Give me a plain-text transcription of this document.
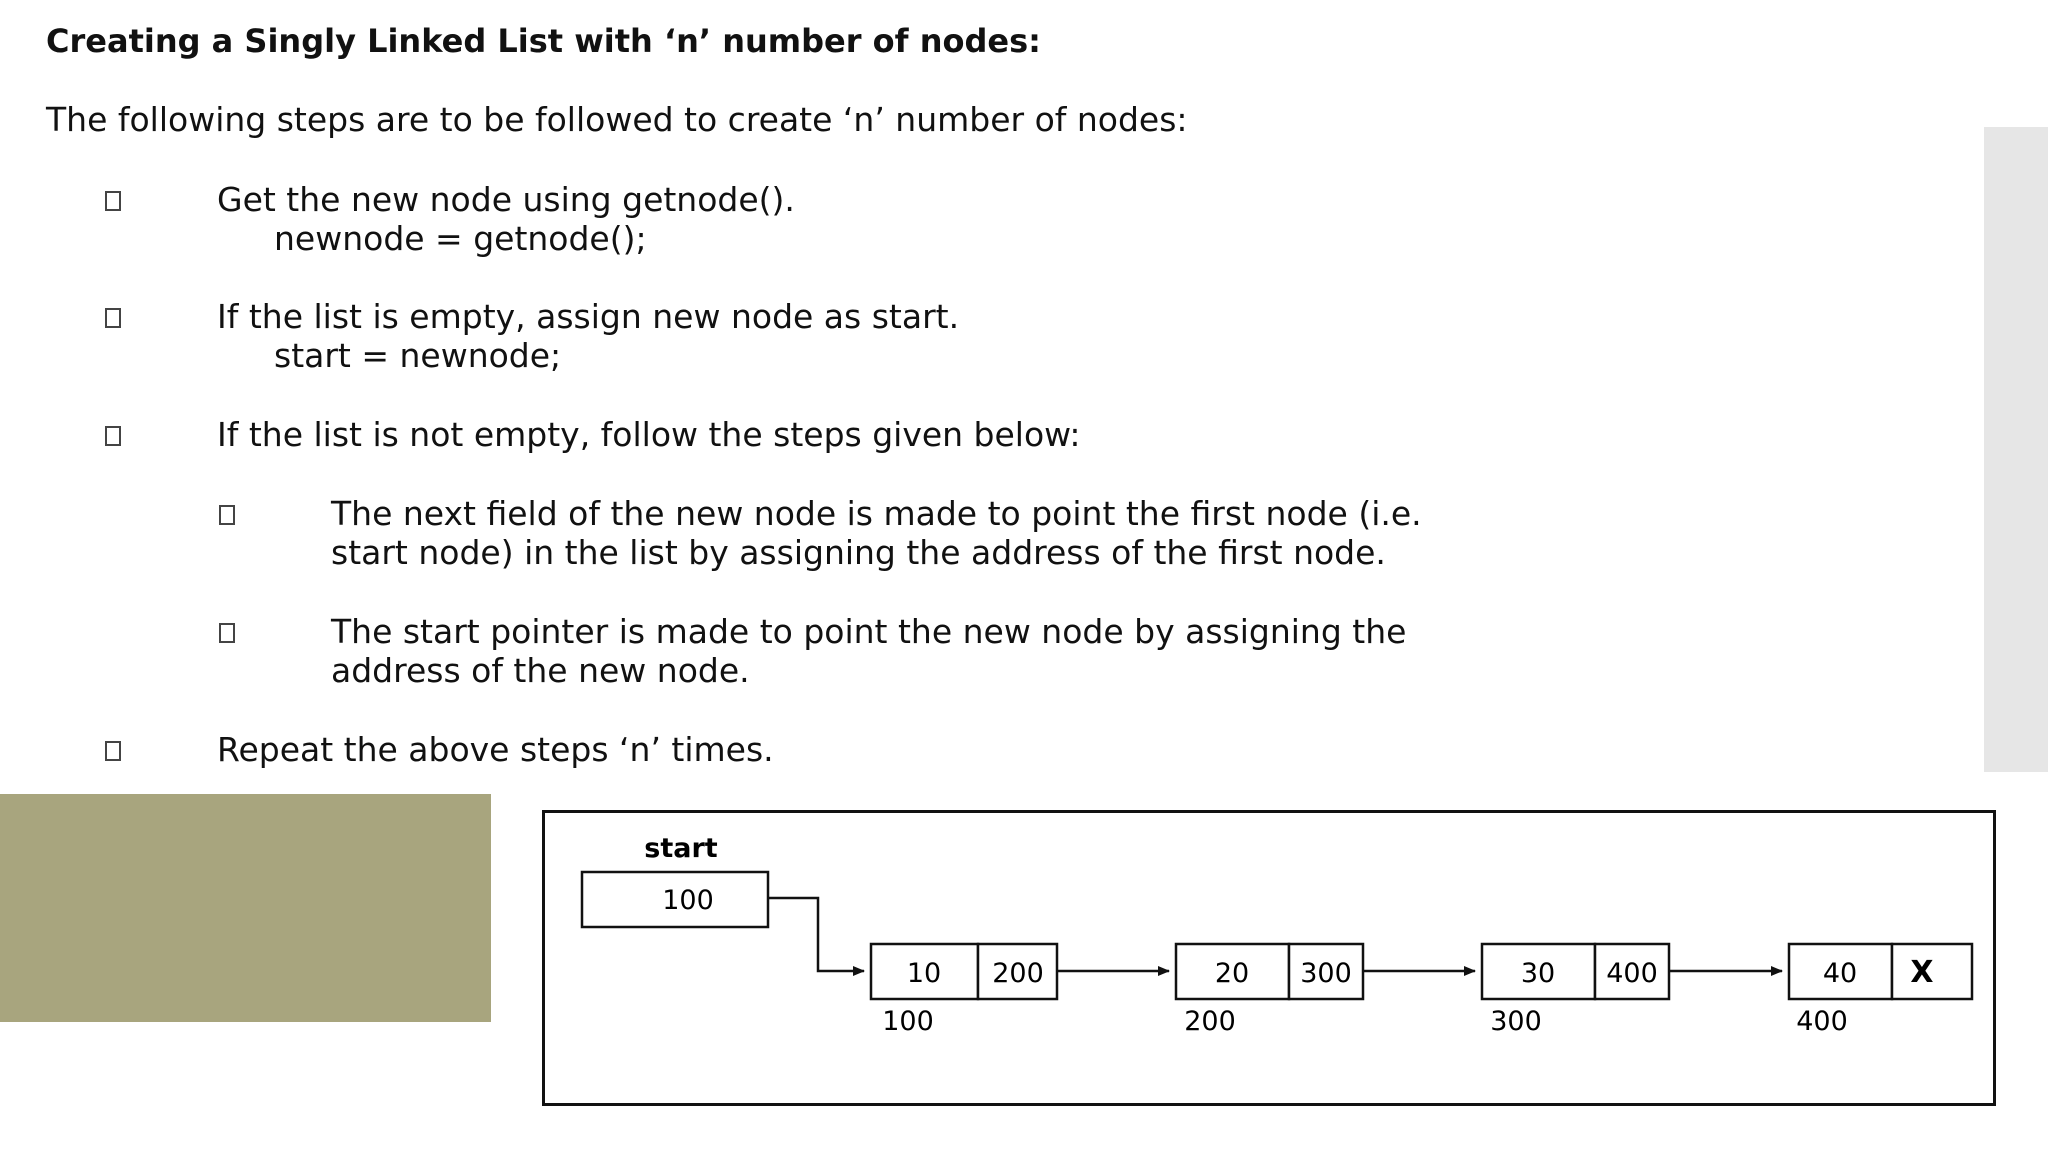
Creating a Singly Linked List with ‘n’ number of nodes:
The following steps are to be followed to create ‘n’ number of nodes:
Get the new node using getnode().
newnode = getnode();
If the list is empty, assign new node as start.
start = newnode;
If the list is not empty, follow the steps given below:
The next field of the new node is made to point the first node (i.e.
start node) in the list by assigning the address of the first node.
The start pointer is made to point the new node by assigning the
address of the new node.
Repeat the above steps ‘n’ times.
start
100
10 200
100
20 300
200
30 400
300
40 X
400
